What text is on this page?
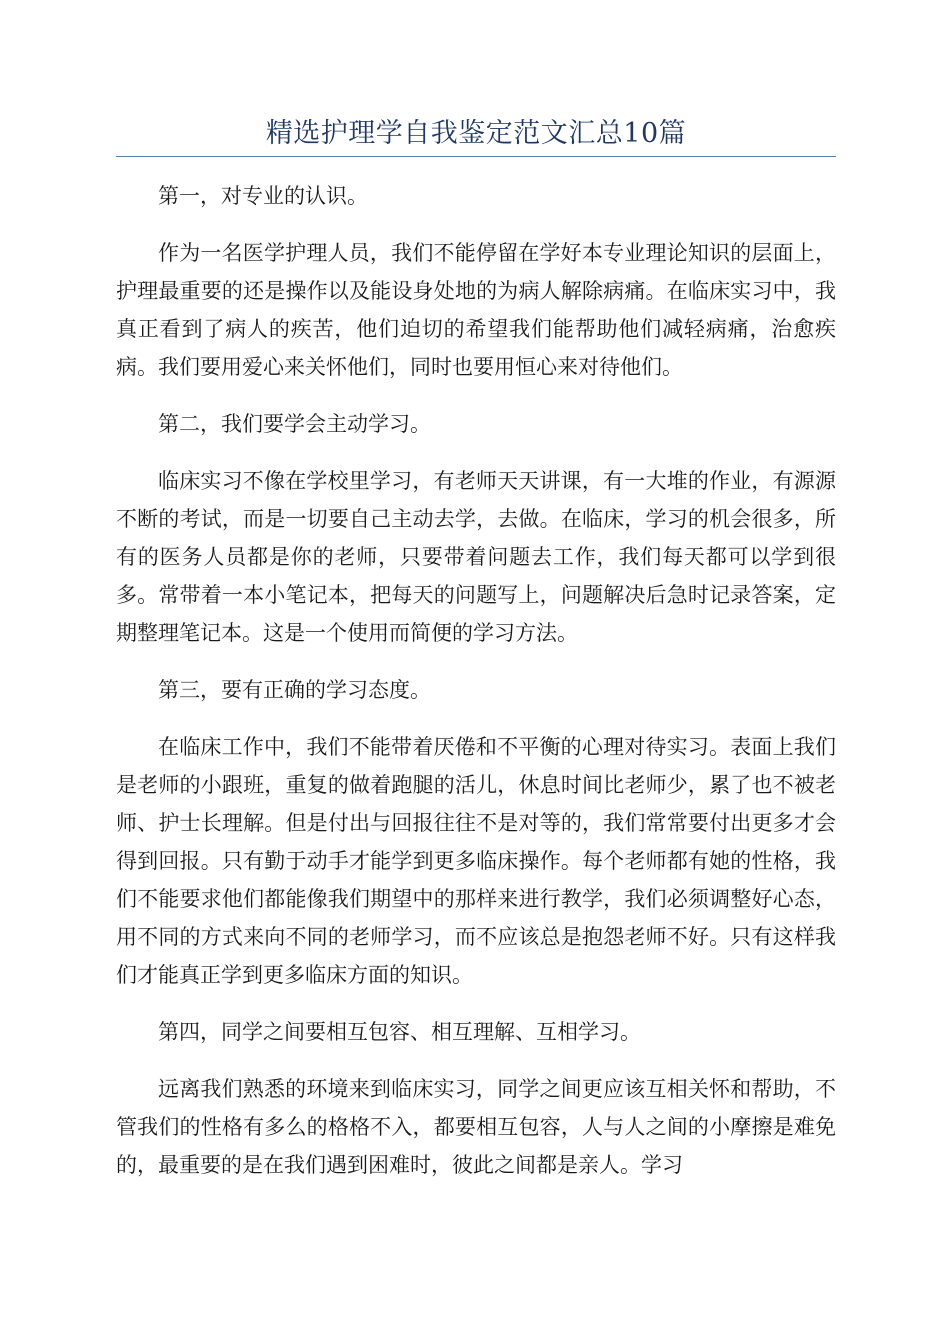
精选护理学自我鉴定范文汇总10篇

第一，对专业的认识。

作为一名医学护理人员，我们不能停留在学好本专业理论知识的层面上，护理最重要的还是操作以及能设身处地的为病人解除病痛。在临床实习中，我真正看到了病人的疾苦，他们迫切的希望我们能帮助他们减轻病痛，治愈疾病。我们要用爱心来关怀他们，同时也要用恒心来对待他们。

第二，我们要学会主动学习。

临床实习不像在学校里学习，有老师天天讲课，有一大堆的作业，有源源不断的考试，而是一切要自己主动去学，去做。在临床，学习的机会很多，所有的医务人员都是你的老师，只要带着问题去工作，我们每天都可以学到很多。常带着一本小笔记本，把每天的问题写上，问题解决后急时记录答案，定期整理笔记本。这是一个使用而简便的学习方法。

第三，要有正确的学习态度。

在临床工作中，我们不能带着厌倦和不平衡的心理对待实习。表面上我们是老师的小跟班，重复的做着跑腿的活儿，休息时间比老师少，累了也不被老师、护士长理解。但是付出与回报往往不是对等的，我们常常要付出更多才会得到回报。只有勤于动手才能学到更多临床操作。每个老师都有她的性格，我们不能要求他们都能像我们期望中的那样来进行教学，我们必须调整好心态，用不同的方式来向不同的老师学习，而不应该总是抱怨老师不好。只有这样我们才能真正学到更多临床方面的知识。

第四，同学之间要相互包容、相互理解、互相学习。

远离我们熟悉的环境来到临床实习，同学之间更应该互相关怀和帮助，不管我们的性格有多么的格格不入，都要相互包容，人与人之间的小摩擦是难免的，最重要的是在我们遇到困难时，彼此之间都是亲人。学习
